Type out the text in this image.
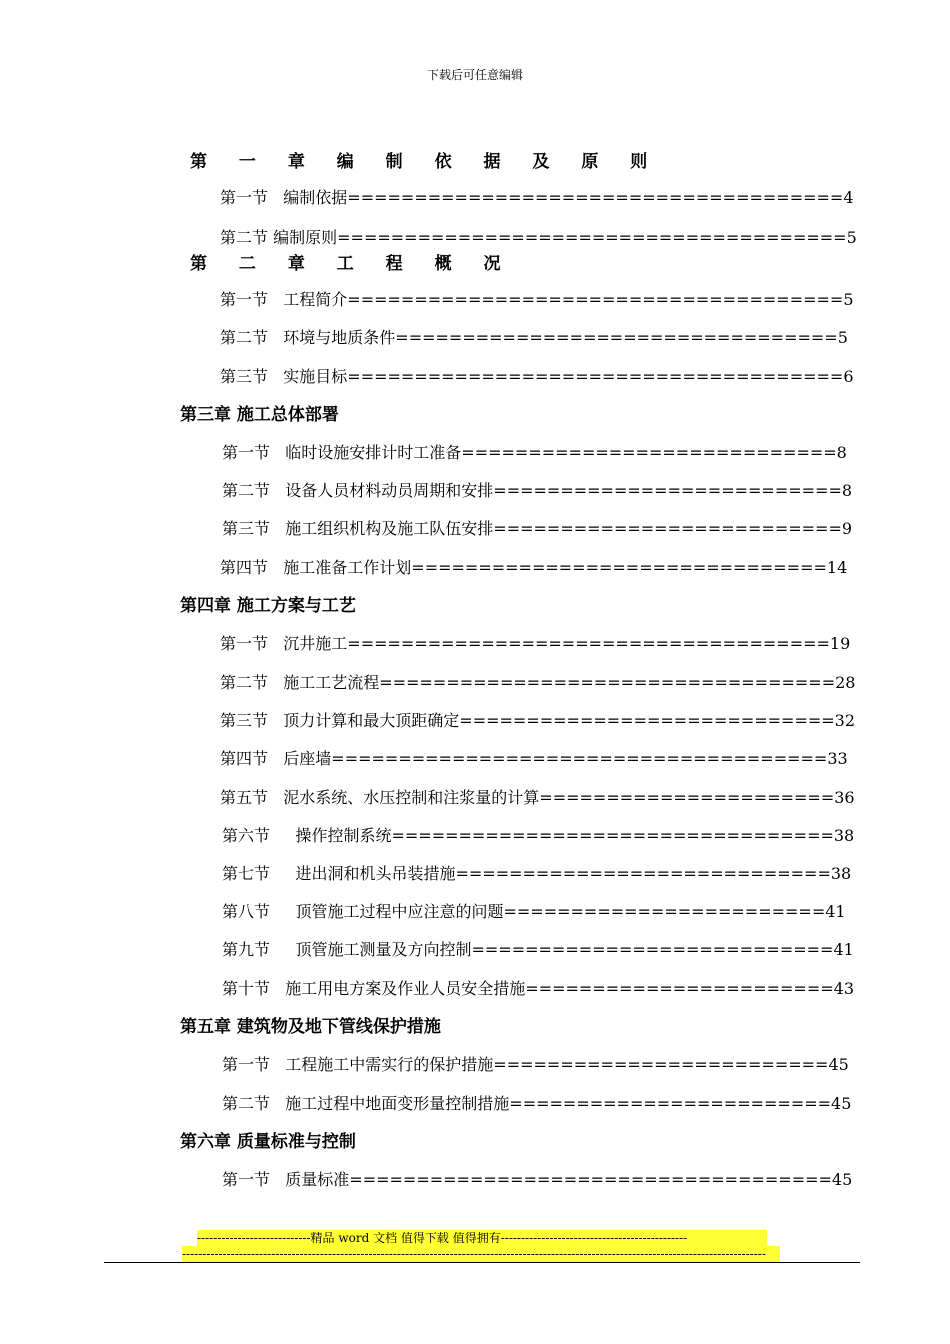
下载后可任意编辑
第 一 章 编 制 依 据 及 原 则
第一节 编制依据=====================================4
第二节 编制原则======================================5
第 二 章 工 程 概 况
第一节 工程简介=====================================5
第二节 环境与地质条件=================================5
第三节 实施目标=====================================6
第三章 施工总体部署
第一节 临时设施安排计时工准备============================8
第二节 设备人员材料动员周期和安排==========================8
第三节 施工组织机构及施工队伍安排==========================9
第四节 施工准备工作计划===============================14
第四章 施工方案与工艺
第一节 沉井施工====================================19
第二节 施工工艺流程==================================28
第三节 顶力计算和最大顶距确定============================32
第四节 后座墙=====================================33
第五节 泥水系统、水压控制和注浆量的计算======================36
第六节 操作控制系统=================================38
第七节 进出洞和机头吊装措施============================38
第八节 顶管施工过程中应注意的问题========================41
第九节 顶管施工测量及方向控制===========================41
第十节 施工用电方案及作业人员安全措施=======================43
第五章 建筑物及地下管线保护措施
第一节 工程施工中需实行的保护措施=========================45
第二节 施工过程中地面变形量控制措施========================45
第六章 质量标准与控制
第一节 质量标准====================================45
----------------------------精品 word 文档 值得下载 值得拥有----------------------------------------------
------------------------------------------------------------------------------------------------------------------------------------------------
